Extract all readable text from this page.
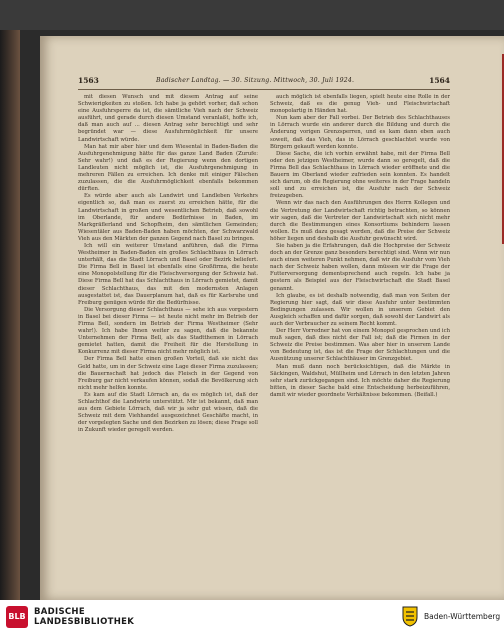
1563	Badischer Landtag. — 30. Sitzung. Mittwoch, 30. Juli 1924.	1564

mit diesen Wunsch und mit diesem Antrag auf seine Schwierigkeiten zu stoßen. Ich habe ja gehört vorher, daß schon eine Ausfuhrsperre da ist, die sämtliche Vieh nach der Schweiz ausführt, und gerade durch diesen Umstand veranlaßt, hoffe ich, daß man auch auf ... diesen Antrag sehr berechtigt und sehr begründet war — diese Ausfuhrmöglichkeit für unsere Landwirtschaft würde.

Man hat mir aber hier und dem Wiesental in Baden-Baden die Ausfuhrgenehmigung hätte für das ganze Land Baden (Zurufe: Sehr wahr!) und daß es der Regierung wenn den dortigen Landleuten nicht möglich ist, die Ausfuhrgenehmigung in mehreren Fällen zu erreichen. Ich denke mit einiger Fälschen zuzulassen, die die Ausfuhrmöglichkeit ebenfalls bekommen dürften.

Es würde aber auch als Landwirt und Landleben Verkehrs eigentlich so, daß man es zuerst zu erreichen hätte, für die Landwirtschaft in großen und wesentlichen Betrieb, daß sowohl im Oberlande, für andere Bedürfnisse in Baden, im Markgräflerland und Schopfheim, den sämtlichen Gemeinden; Wiesentäler aus Baden-Baden haben möchten, der Schwarzwald Vieh aus den Märkten der ganzen Gegend nach Basel zu bringen.

Ich will ein weiterer Umstand anführen, daß die Firma Westheimer in Baden-Baden ein großes Schlachthaus in Lörrach unterhält, das die Stadt Lörrach und Basel oder Bezirk beliefert. Die Firma Bell in Basel ist ebenfalls eine Großfirma, die heute eine Monopolstellung für die Fleischversorgung der Schweiz hat. Diese Firma Bell hat das Schlachthaus in Lörrach gemietet, damit dieser Schlachthaus, das mit den modernsten Anlagen ausgestattet ist, das Dauerplanum hat, daß es für Karlsruhe und Freiburg genügen würde für die Bedürfnisse.

Die Versorgung dieser Schlachthaus — sehe ich aus vorgestern in Basel bei dieser Firma — ist heute nicht mehr im Betrieb der Firma Bell, sondern im Betrieb der Firma Westheimer (Sehr wahr!). Ich habe Ihnen weiter zu sagen, daß die bekannte Unternehmen der Firma Bell, als das Stadtthemen in Lörrach gemietet hatten, damit die Freiheit für die Herstellung in Konkurrenz mit dieser Firma nicht mehr möglich ist.

Der Firma Bell hatte einen großen Vorteil, daß sie nicht das Geld hatte, um in der Schweiz eine Lage dieser Firma zuzulassen; die Bauernschaft hat jedoch das Fleisch in der Gegend von Freiburg gar nicht verkaufen können, sodaß die Bevölkerung sich nicht mehr helfen konnte.

Es kam auf die Stadt Lörrach an, da es möglich ist, daß der Schlachthof die Landwirte unterstützt. Mir ist bekannt, daß man aus dem Gebiete Lörrach, daß wir ja sehr gut wissen, daß die Schweiz mit dem Viehhandel ausgezeichnet Geschäfte macht, in der vorgelegten Sache und den Bezirken zu lösen; diese Frage soll in Zukunft wieder geregelt werden.

auch möglich ist ebenfalls liegen, spielt heute eine Rolle in der Schweiz, daß es die genug Vieh- und Fleischwirtschaft monopolartig in Händen hat.

Nun kam aber der Fall vorbei. Der Betrieb des Schlachthauses in Lörrach wurde ein anderer durch die Bildung und durch die Änderung vorigen Grenzsperren, und es kam dann eben auch soweit, daß das Vieh, das in Lörrach geschlachtet wurde von Bürgern gekauft werden konnte.

Diese Sache, die ich vorhin erwähnt habe, mit der Firma Bell oder den jetzigen Westheimer, wurde dann so geregelt, daß die Firma Bell das Schlachthaus in Lörrach wieder eröffnete und die Bauern im Oberland wieder zufrieden sein konnten. Es handelt sich darum, ob die Regierung ohne weiteres in der Frage handeln soll und zu erreichen ist, die Ausfuhr nach der Schweiz freizugeben.

Wenn wir das nach den Ausführungen des Herrn Kollegen und die Vertretung der Landwirtschaft richtig betrachten, so können wir sagen, daß die Vertreter der Landwirtschaft sich nicht mehr durch die Bestimmungen eines Konsortiums behindern lassen wollen. Es muß dazu gesagt werden, daß die Preise der Schweiz höher liegen und deshalb die Ausfuhr gewünscht wird.

Sie haben ja die Erfahrungen, daß die Hochpreise der Schweiz doch an der Grenze ganz besonders berechtigt sind. Wenn wir nun auch einen weiteren Punkt nehmen, daß wir die Ausfuhr vom Vieh nach der Schweiz haben wollen, dann müssen wir die Frage der Futterversorgung dementsprechend auch regeln. Ich habe ja gestern als Beispiel aus der Fleischwirtschaft die Stadt Basel genannt.

Ich glaube, es ist deshalb notwendig, daß man von Seiten der Regierung hier sagt, daß wir diese Ausfuhr unter bestimmten Bedingungen zulassen. Wir wollen in unserem Gebiet den Ausgleich schaffen und dafür sorgen, daß sowohl der Landwirt als auch der Verbraucher zu seinem Recht kommt.

Der Herr Vorredner hat von einem Monopol gesprochen und ich muß sagen, daß dies nicht der Fall ist; daß die Firmen in der Schweiz die Preise bestimmen. Was aber hier in unserem Lande von Bedeutung ist, das ist die Frage der Schlachtungen und die Ausnützung unserer Schlachthäuser im Grenzgebiet.

Man muß dann noch berücksichtigen, daß die Märkte in Säckingen, Waldshut, Müllheim und Lörrach in den letzten Jahren sehr stark zurückgegangen sind. Ich möchte daher die Regierung bitten, in dieser Sache bald eine Entscheidung herbeizuführen, damit wir wieder geordnete Verhältnisse bekommen. (Beifall.)

BLB BADISCHE
LANDESBIBLIOTHEK
Baden-Württemberg
